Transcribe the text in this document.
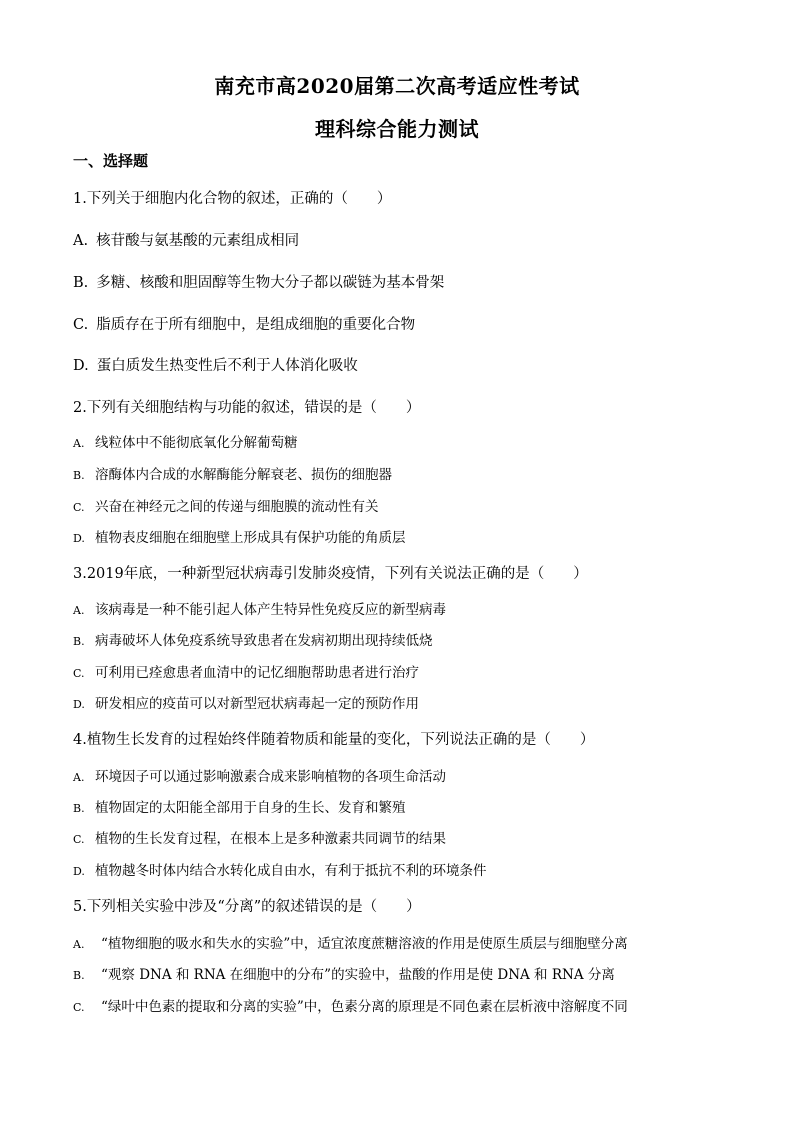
南充市高2020届第二次高考适应性考试
理科综合能力测试
一、选择题
1.下列关于细胞内化合物的叙述，正确的（　　）
A. 核苷酸与氨基酸的元素组成相同
B. 多糖、核酸和胆固醇等生物大分子都以碳链为基本骨架
C. 脂质存在于所有细胞中，是组成细胞的重要化合物
D. 蛋白质发生热变性后不利于人体消化吸收
2.下列有关细胞结构与功能的叙述，错误的是（　　）
A. 线粒体中不能彻底氧化分解葡萄糖
B. 溶酶体内合成的水解酶能分解衰老、损伤的细胞器
C. 兴奋在神经元之间的传递与细胞膜的流动性有关
D. 植物表皮细胞在细胞壁上形成具有保护功能的角质层
3.2019年底，一种新型冠状病毒引发肺炎疫情，下列有关说法正确的是（　　）
A. 该病毒是一种不能引起人体产生特异性免疫反应的新型病毒
B. 病毒破坏人体免疫系统导致患者在发病初期出现持续低烧
C. 可利用已痊愈患者血清中的记忆细胞帮助患者进行治疗
D. 研发相应的疫苗可以对新型冠状病毒起一定的预防作用
4.植物生长发育的过程始终伴随着物质和能量的变化，下列说法正确的是（　　）
A. 环境因子可以通过影响激素合成来影响植物的各项生命活动
B. 植物固定的太阳能全部用于自身的生长、发育和繁殖
C. 植物的生长发育过程，在根本上是多种激素共同调节的结果
D. 植物越冬时体内结合水转化成自由水，有利于抵抗不利的环境条件
5.下列相关实验中涉及“分离”的叙述错误的是（　　）
A. “植物细胞的吸水和失水的实验”中，适宜浓度蔗糖溶液的作用是使原生质层与细胞壁分离
B. “观察 DNA 和 RNA 在细胞中的分布”的实验中，盐酸的作用是使 DNA 和 RNA 分离
C. “绿叶中色素的提取和分离的实验”中，色素分离的原理是不同色素在层析液中溶解度不同
